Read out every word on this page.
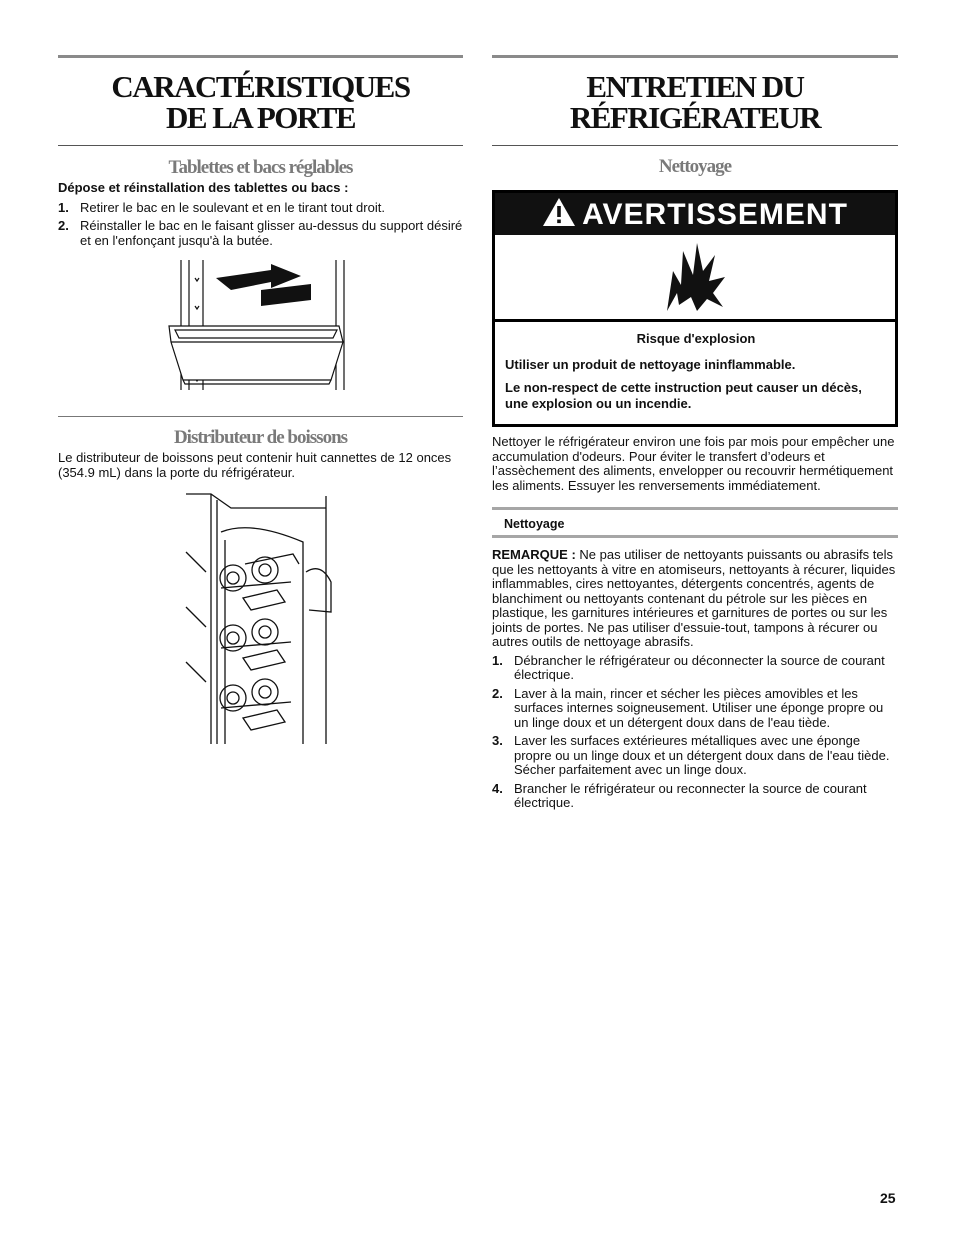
CARACTÉRISTIQUES
DE LA PORTE
Tablettes et bacs réglables

Dépose et réinstallation des tablettes ou bacs :

1. Retirer le bac en le soulevant et en le tirant tout droit.
2. Réinstaller le bac en le faisant glisser au-dessus du support désiré et en l'enfonçant jusqu'à la butée.
Distributeur de boissons

Le distributeur de boissons peut contenir huit cannettes de 12 onces (354.9 mL) dans la porte du réfrigérateur.

ENTRETIEN DU
RÉFRIGÉRATEUR
Nettoyage
AVERTISSEMENT

Risque d'explosion

Utiliser un produit de nettoyage ininflammable.

Le non-respect de cette instruction peut causer un décès, une explosion ou un incendie.

Nettoyer le réfrigérateur environ une fois par mois pour empêcher une accumulation d'odeurs. Pour éviter le transfert d’odeurs et l’assèchement des aliments, envelopper ou recouvrir hermétiquement les aliments. Essuyer les renversements immédiatement.

Nettoyage

REMARQUE : Ne pas utiliser de nettoyants puissants ou abrasifs tels que les nettoyants à vitre en atomiseurs, nettoyants à récurer, liquides inflammables, cires nettoyantes, détergents concentrés, agents de blanchiment ou nettoyants contenant du pétrole sur les pièces en plastique, les garnitures intérieures et garnitures de portes ou sur les joints de portes. Ne pas utiliser d'essuie-tout, tampons à récurer ou autres outils de nettoyage abrasifs.

1. Débrancher le réfrigérateur ou déconnecter la source de courant électrique.
2. Laver à la main, rincer et sécher les pièces amovibles et les surfaces internes soigneusement. Utiliser une éponge propre ou un linge doux et un détergent doux dans de l'eau tiède.
3. Laver les surfaces extérieures métalliques avec une éponge propre ou un linge doux et un détergent doux dans de l'eau tiède. Sécher parfaitement avec un linge doux.
4. Brancher le réfrigérateur ou reconnecter la source de courant électrique.
25
